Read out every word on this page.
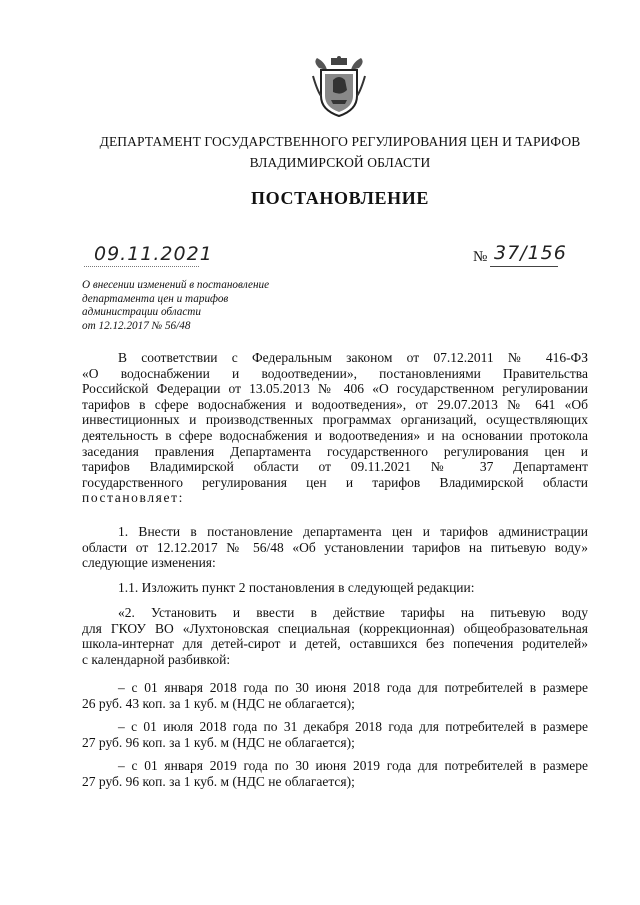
ДЕПАРТАМЕНТ ГОСУДАРСТВЕННОГО РЕГУЛИРОВАНИЯ ЦЕН И ТАРИФОВ
ВЛАДИМИРСКОЙ ОБЛАСТИ
ПОСТАНОВЛЕНИЕ
09.11.2021	№ 37/156
О внесении изменений в постановление
департамента цен и тарифов
администрации области
от 12.12.2017 № 56/48
В соответствии с Федеральным законом от 07.12.2011 № 416-ФЗ
«О водоснабжении и водоотведении», постановлениями Правительства
Российской Федерации от 13.05.2013 № 406 «О государственном регулировании
тарифов в сфере водоснабжения и водоотведения», от 29.07.2013 № 641 «Об
инвестиционных и производственных программах организаций, осуществляющих
деятельность в сфере водоснабжения и водоотведения» и на основании протокола
заседания правления Департамента государственного регулирования цен и
тарифов Владимирской области от 09.11.2021 № 37 Департамент
государственного регулирования цен и тарифов Владимирской области
постановляет:
1. Внести в постановление департамента цен и тарифов администрации
области от 12.12.2017 № 56/48 «Об установлении тарифов на питьевую воду»
следующие изменения:
1.1. Изложить пункт 2 постановления в следующей редакции:
«2. Установить и ввести в действие тарифы на питьевую воду
для ГКОУ ВО «Лухтоновская специальная (коррекционная) общеобразовательная
школа-интернат для детей-сирот и детей, оставшихся без попечения родителей»
с календарной разбивкой:
– с 01 января 2018 года по 30 июня 2018 года для потребителей в размере
26 руб. 43 коп. за 1 куб. м (НДС не облагается);
– с 01 июля 2018 года по 31 декабря 2018 года для потребителей в размере
27 руб. 96 коп. за 1 куб. м (НДС не облагается);
– с 01 января 2019 года по 30 июня 2019 года для потребителей в размере
27 руб. 96 коп. за 1 куб. м (НДС не облагается);
